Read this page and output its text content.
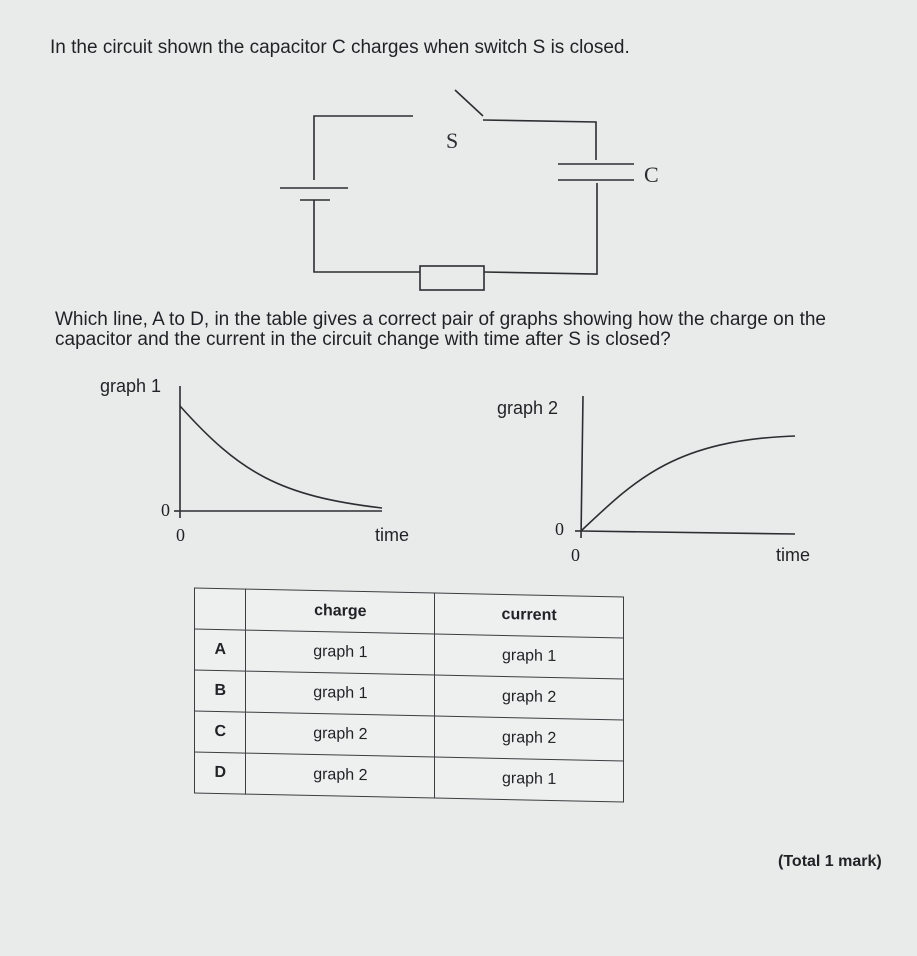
In the circuit shown the capacitor C charges when switch S is closed.
S
C
Which line, A to D, in the table gives a correct pair of graphs showing how the charge on the
capacitor and the current in the circuit change with time after S is closed?
graph 1
0
0	time
graph 2
0
0	time
	charge	current
A	graph 1	graph 1
B	graph 1	graph 2
C	graph 2	graph 2
D	graph 2	graph 1
(Total 1 mark)
